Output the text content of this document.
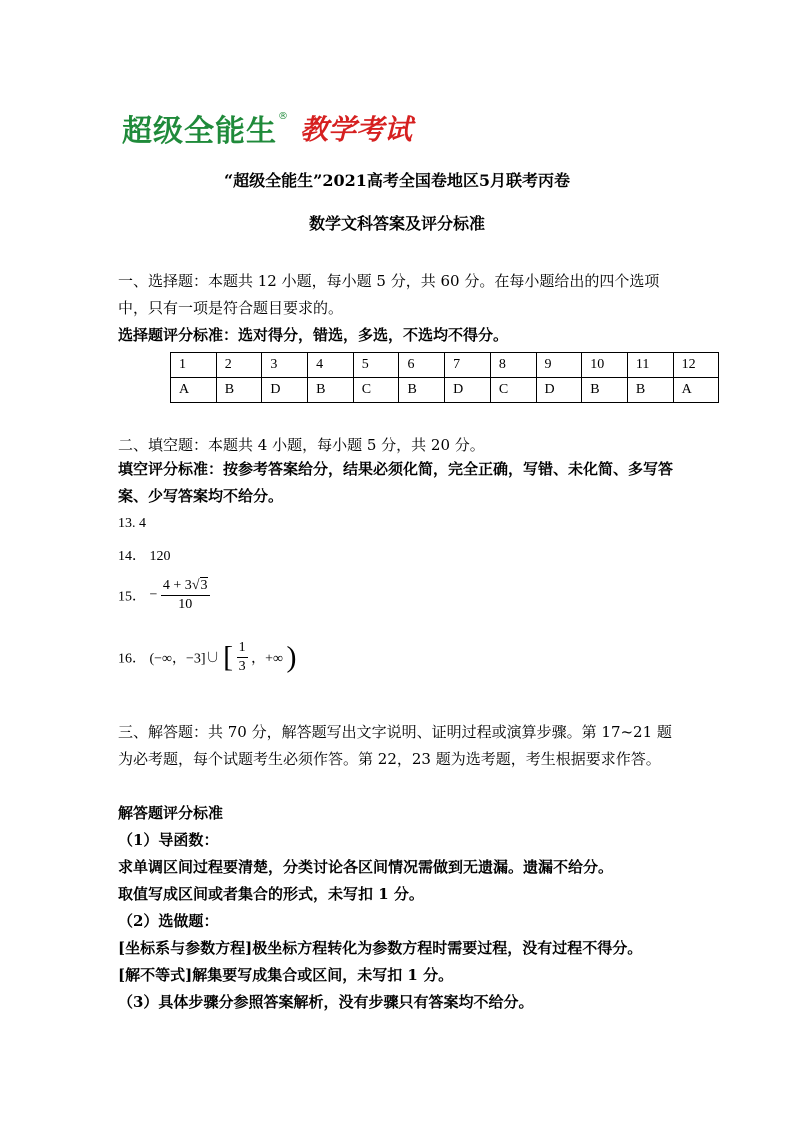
超级全能生 ® 教学考试
“超级全能生”2021高考全国卷地区5月联考丙卷
数学文科答案及评分标准
一、选择题：本题共 12 小题，每小题 5 分，共 60 分。在每小题给出的四个选项中，只有一项是符合题目要求的。
选择题评分标准：选对得分，错选，多选，不选均不得分。
1	2	3	4	5	6	7	8	9	10	11	12
A	B	D	B	C	B	D	C	D	B	B	A
二、填空题：本题共 4 小题，每小题 5 分，共 20 分。
填空评分标准：按参考答案给分，结果必须化简，完全正确，写错、未化简、多写答案、少写答案均不给分。
13. 4
14． 120
15． − $\frac{4 + 3√3}{10}$
16． (−∞，−3]∪ [ $\frac{1}{3}$ ，+∞ )
三、解答题：共 70 分，解答题写出文字说明、证明过程或演算步骤。第 17~21 题为必考题，每个试题考生必须作答。第 22，23 题为选考题，考生根据要求作答。
解答题评分标准
（1）导函数：
求单调区间过程要清楚，分类讨论各区间情况需做到无遗漏。遗漏不给分。
取值写成区间或者集合的形式，未写扣 1 分。
（2）选做题：
[坐标系与参数方程]极坐标方程转化为参数方程时需要过程，没有过程不得分。
[解不等式]解集要写成集合或区间，未写扣 1 分。
（3）具体步骤分参照答案解析，没有步骤只有答案均不给分。
